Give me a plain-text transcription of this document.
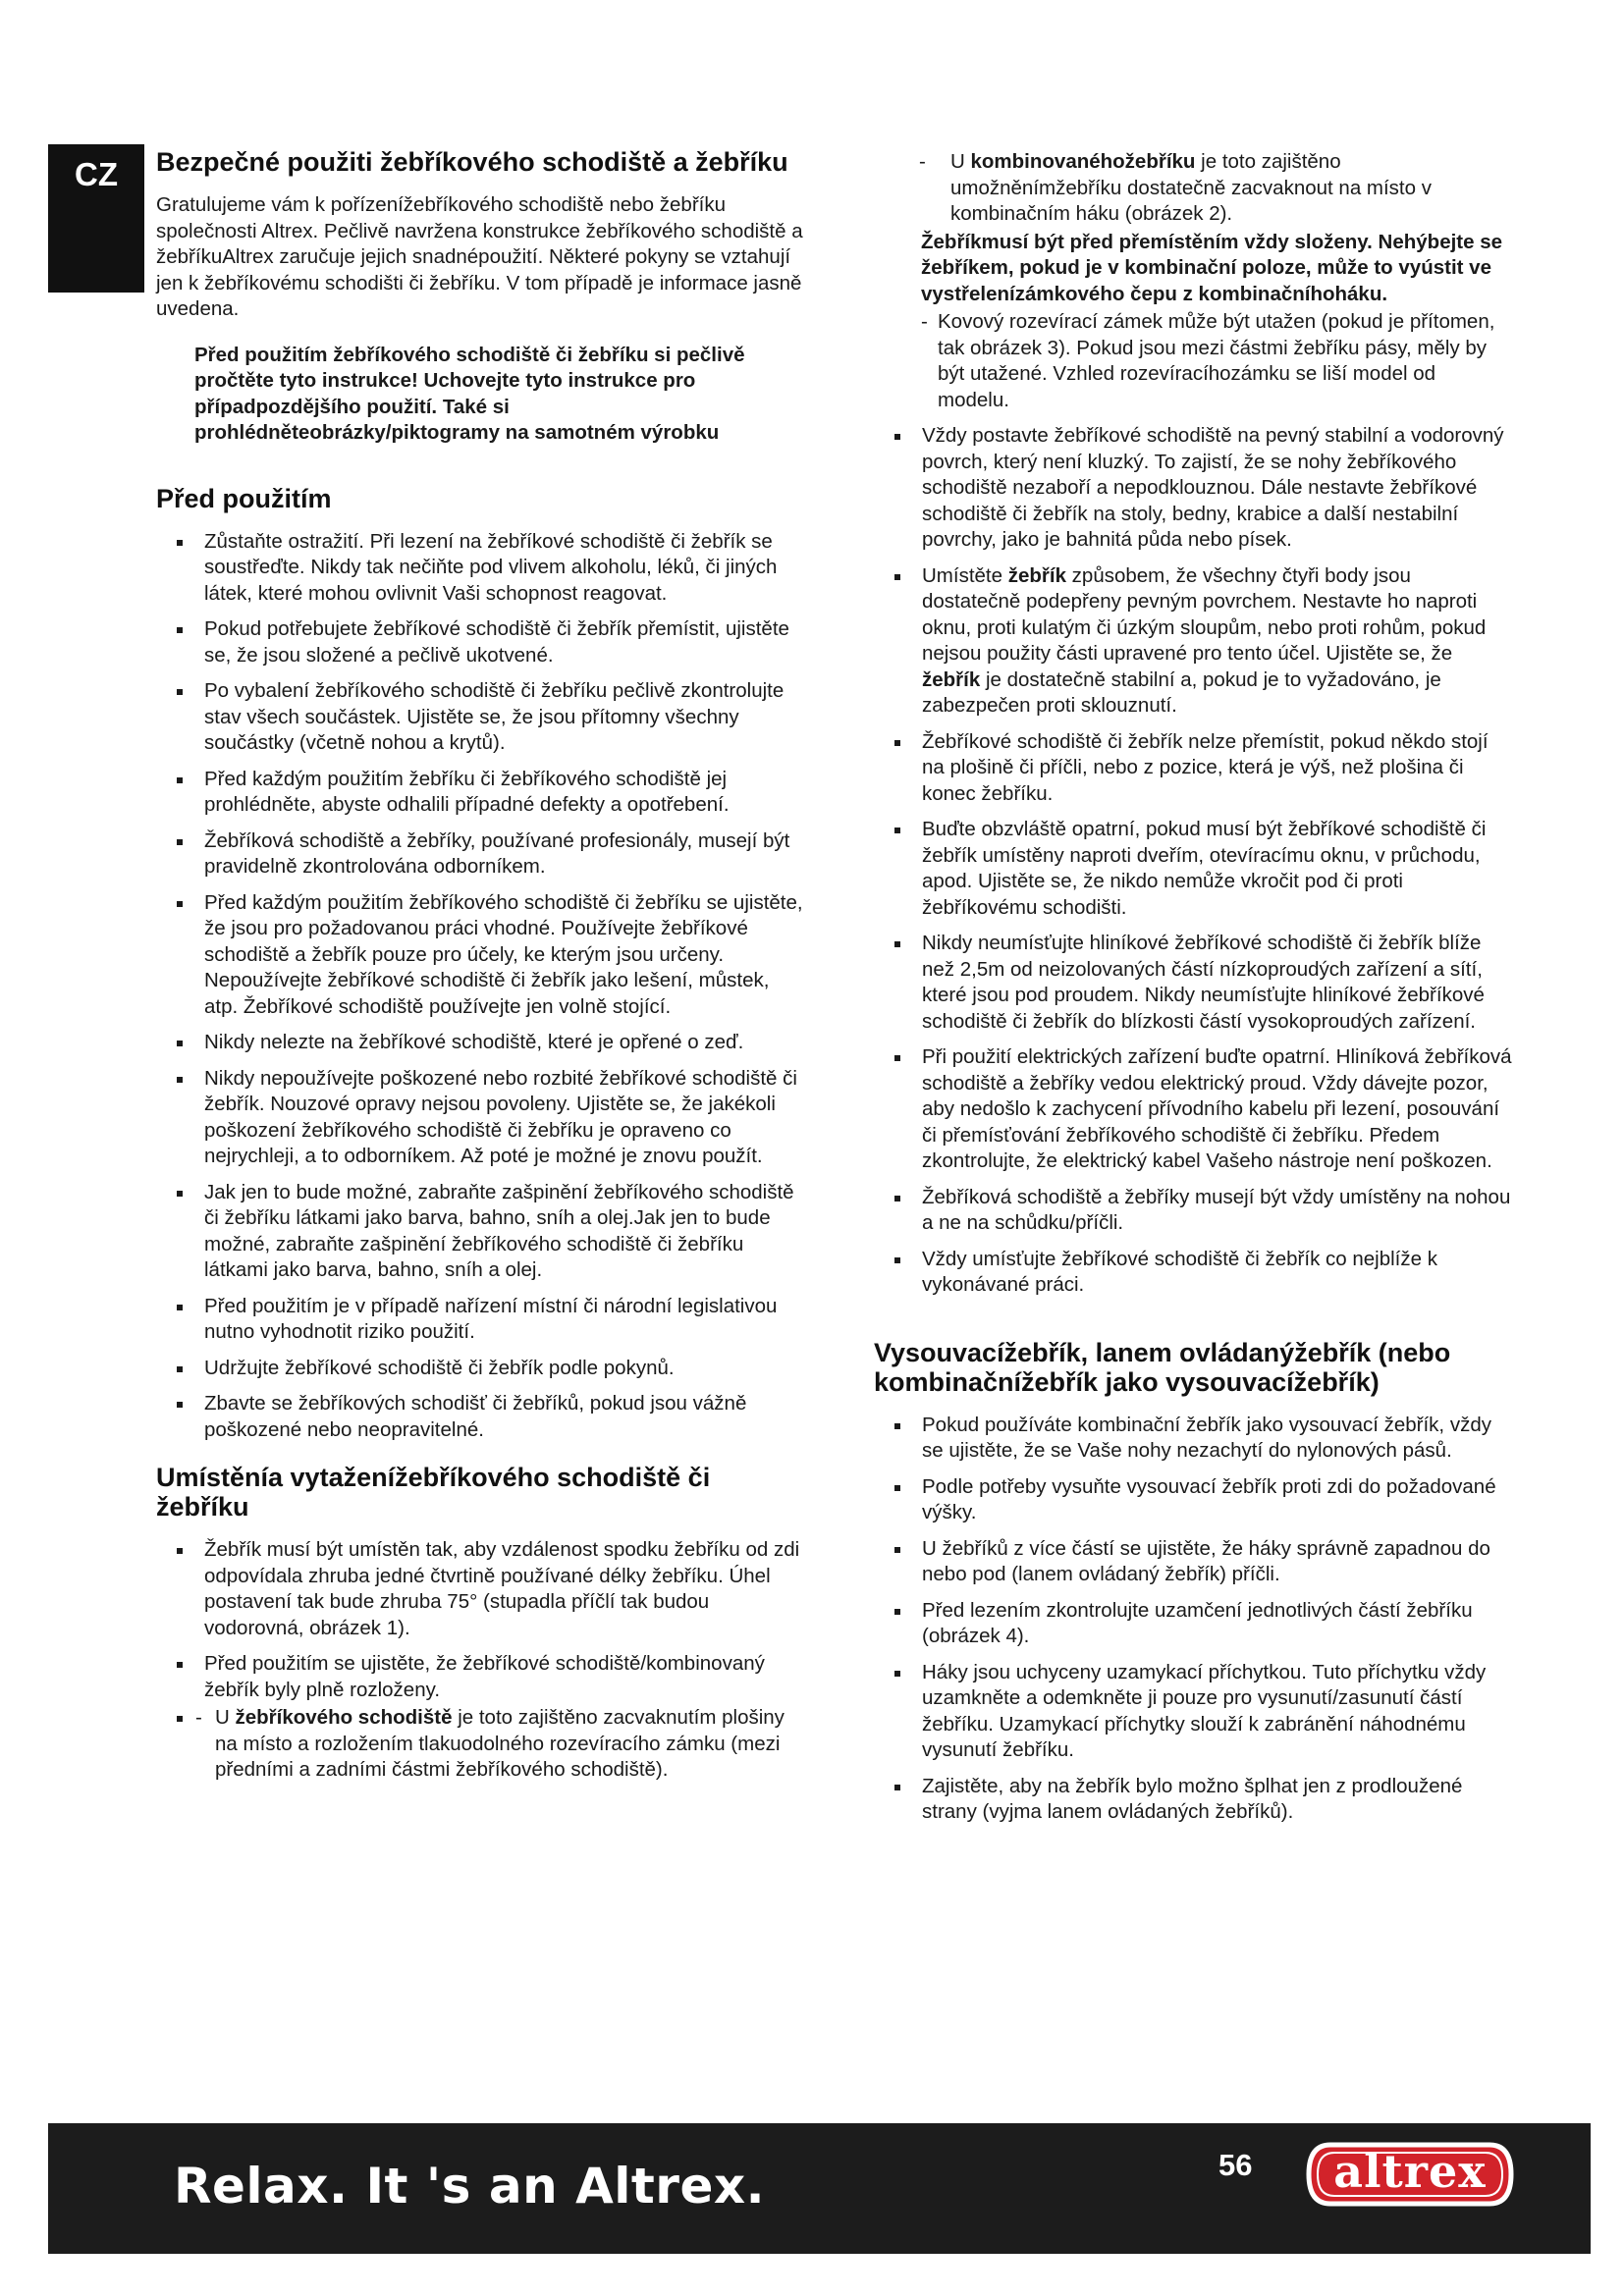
CZ	Bezpečné použiti žebříkového schodiště a žebříku

Gratulujeme vám k pořízenížebříkového schodiště nebo žebříku společnosti Altrex. Pečlivě navržena konstrukce žebříkového schodiště a žebříkuAltrex zaručuje jejich snadnépoužití. Některé pokyny se vztahují jen k žebříkovému schodišti či žebříku. V tom případě je informace jasně uvedena.

Před použitím žebříkového schodiště či žebříku si pečlivě pročtěte tyto instrukce! Uchovejte tyto instrukce pro případpozdějšího použití. Také si prohlédněteobrázky/piktogramy na samotném výrobku

Před použitím
Zůstaňte ostražití. Při lezení na žebříkové schodiště či žebřík se soustřeďte. Nikdy tak nečiňte pod vlivem alkoholu, léků, či jiných látek, které mohou ovlivnit Vaši schopnost reagovat.
Pokud potřebujete žebříkové schodiště či žebřík přemístit, ujistěte se, že jsou složené a pečlivě ukotvené.
Po vybalení žebříkového schodiště či žebříku pečlivě zkontrolujte stav všech součástek. Ujistěte se, že jsou přítomny všechny součástky (včetně nohou a krytů).
Před každým použitím žebříku či žebříkového schodiště jej prohlédněte, abyste odhalili případné defekty a opotřebení.
Žebříková schodiště a žebříky, používané profesionály, musejí být pravidelně zkontrolována odborníkem.
Před každým použitím žebříkového schodiště či žebříku se ujistěte, že jsou pro požadovanou práci vhodné. Používejte žebříkové schodiště a žebřík pouze pro účely, ke kterým jsou určeny. Nepoužívejte žebříkové schodiště či žebřík jako lešení, můstek, atp. Žebříkové schodiště používejte jen volně stojící.
Nikdy nelezte na žebříkové schodiště, které je opřené o zeď.
Nikdy nepoužívejte poškozené nebo rozbité žebříkové schodiště či žebřík. Nouzové opravy nejsou povoleny. Ujistěte se, že jakékoli poškození žebříkového schodiště či žebříku je opraveno co nejrychleji, a to odborníkem. Až poté je možné je znovu použít.
Jak jen to bude možné, zabraňte zašpinění žebříkového schodiště či žebříku látkami jako barva, bahno, sníh a olej.Jak jen to bude možné, zabraňte zašpinění žebříkového schodiště či žebříku látkami jako barva, bahno, sníh a olej.
Před použitím je v případě nařízení místní či národní legislativou nutno vyhodnotit riziko použití.
Udržujte žebříkové schodiště či žebřík podle pokynů.
Zbavte se žebříkových schodišť či žebříků, pokud jsou vážně poškozené nebo neopravitelné.
Umístěnía vytaženížebříkového schodiště či žebříku
Žebřík musí být umístěn tak, aby vzdálenost spodku žebříku od zdi odpovídala zhruba jedné čtvrtině používané délky žebříku. Úhel postavení tak bude zhruba 75° (stupadla příčlí tak budou vodorovná, obrázek 1).
Před použitím se ujistěte, že žebříkové schodiště/kombinovaný žebřík byly plně rozloženy.
- U žebříkového schodiště je toto zajištěno zacvaknutím plošiny na místo a rozložením tlakuodolného rozevíracího zámku (mezi předními a zadními částmi žebříkového schodiště).
- U kombinovanéhožebříku je toto zajištěno umožněnímžebříku dostatečně zacvaknout na místo v kombinačním háku (obrázek 2).

Žebříkmusí být před přemístěním vždy složeny. Nehýbejte se žebříkem, pokud je v kombinační poloze, může to vyústit ve vystřelenízámkového čepu z kombinačníhoháku.

- Kovový rozevírací zámek může být utažen (pokud je přítomen, tak obrázek 3). Pokud jsou mezi částmi žebříku pásy, měly by být utažené. Vzhled rozevíracíhozámku se liší model od modelu.
Vždy postavte žebříkové schodiště na pevný stabilní a vodorovný povrch, který není kluzký. To zajistí, že se nohy žebříkového schodiště nezaboří a nepodklouznou. Dále nestavte žebříkové schodiště či žebřík na stoly, bedny, krabice a další nestabilní povrchy, jako je bahnitá půda nebo písek.
Umístěte žebřík způsobem, že všechny čtyři body jsou dostatečně podepřeny pevným povrchem. Nestavte ho naproti oknu, proti kulatým či úzkým sloupům, nebo proti rohům, pokud nejsou použity části upravené pro tento účel. Ujistěte se, že žebřík je dostatečně stabilní a, pokud je to vyžadováno, je zabezpečen proti sklouznutí.
Žebříkové schodiště či žebřík nelze přemístit, pokud někdo stojí na plošině či příčli, nebo z pozice, která je výš, než plošina či konec žebříku.
Buďte obzvláště opatrní, pokud musí být žebříkové schodiště či žebřík umístěny naproti dveřím, otevíracímu oknu, v průchodu, apod. Ujistěte se, že nikdo nemůže vkročit pod či proti žebříkovému schodišti.
Nikdy neumísťujte hliníkové žebříkové schodiště či žebřík blíže než 2,5m od neizolovaných částí nízkoproudých zařízení a sítí, které jsou pod proudem. Nikdy neumísťujte hliníkové žebříkové schodiště či žebřík do blízkosti částí vysokoproudých zařízení.
Při použití elektrických zařízení buďte opatrní. Hliníková žebříková schodiště a žebříky vedou elektrický proud. Vždy dávejte pozor, aby nedošlo k zachycení přívodního kabelu při lezení, posouvání či přemísťování žebříkového schodiště či žebříku. Předem zkontrolujte, že elektrický kabel Vašeho nástroje není poškozen.
Žebříková schodiště a žebříky musejí být vždy umístěny na nohou a ne na schůdku/příčli.
Vždy umísťujte žebříkové schodiště či žebřík co nejblíže k vykonávané práci.
Vysouvacížebřík, lanem ovládanýžebřík (nebo kombinačnížebřík jako vysouvacížebřík)
Pokud používáte kombinační žebřík jako vysouvací žebřík, vždy se ujistěte, že se Vaše nohy nezachytí do nylonových pásů.
Podle potřeby vysuňte vysouvací žebřík proti zdi do požadované výšky.
U žebříků z více částí se ujistěte, že háky správně zapadnou do nebo pod (lanem ovládaný žebřík) příčli.
Před lezením zkontrolujte uzamčení jednotlivých částí žebříku (obrázek 4).
Háky jsou uchyceny uzamykací příchytkou. Tuto příchytku vždy uzamkněte a odemkněte ji pouze pro vysunutí/zasunutí částí žebříku. Uzamykací příchytky slouží k zabránění náhodnému vysunutí žebříku.
Zajistěte, aby na žebřík bylo možno šplhat jen z prodloužené strany (vyjma lanem ovládaných žebříků).
Relax. It 's an Altrex.	56	altrex
